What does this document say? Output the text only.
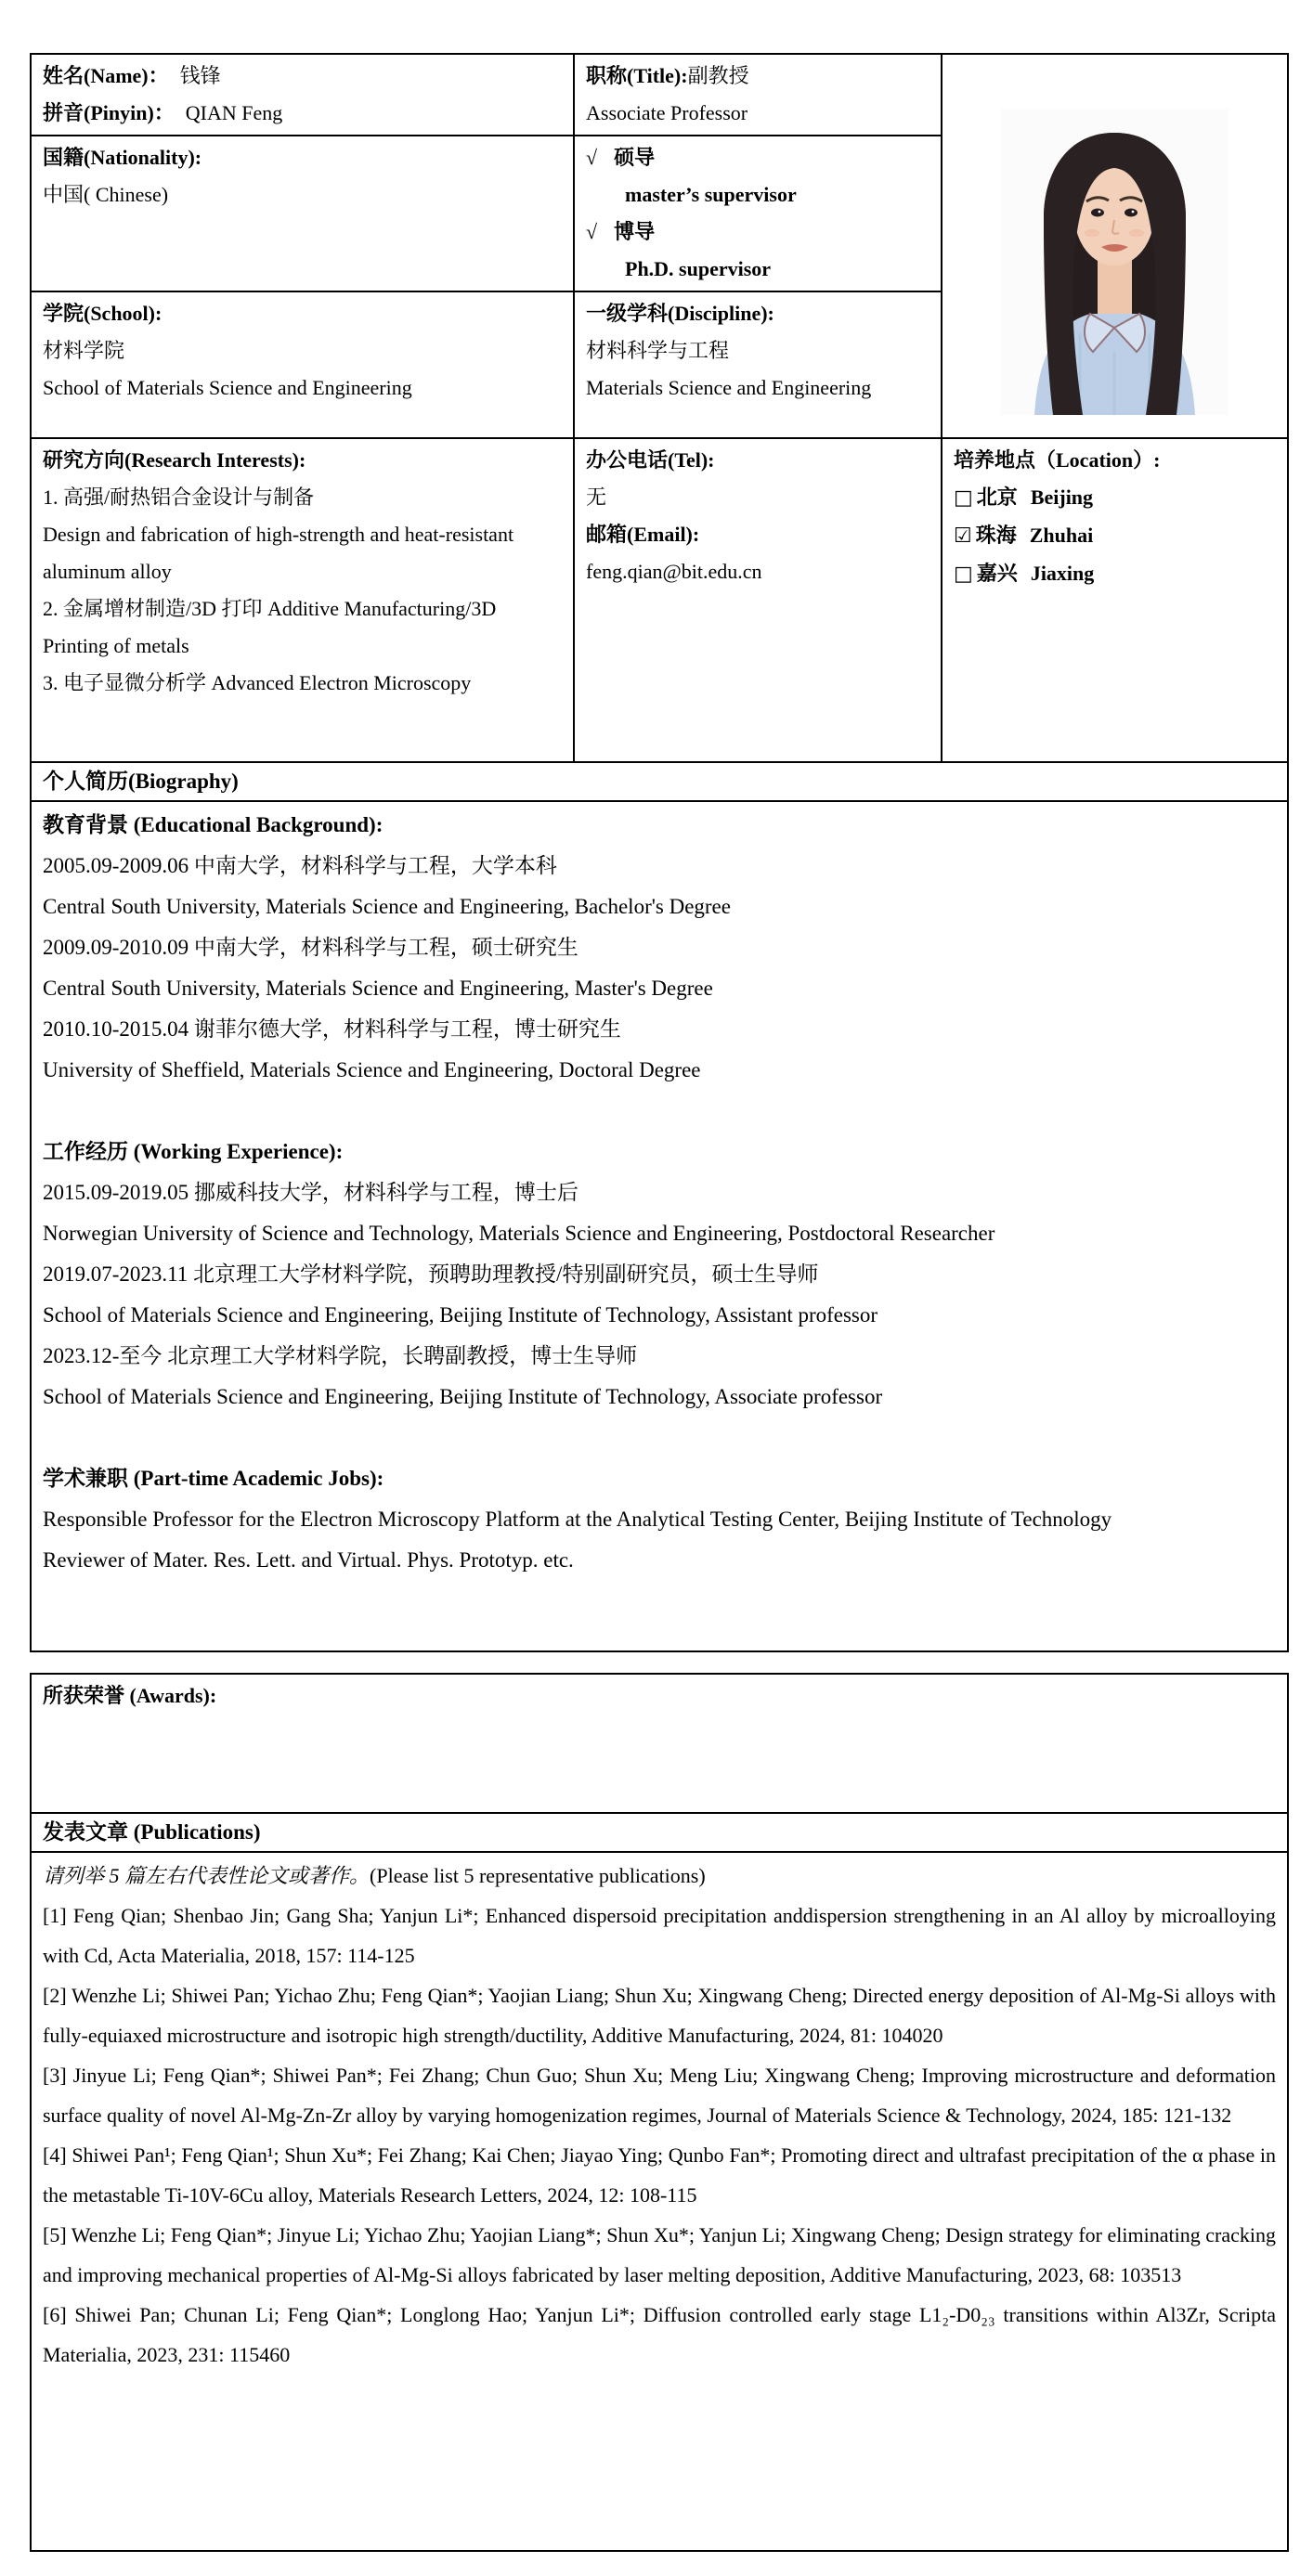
姓名(Name)： 钱锋
拼音(Pinyin)： QIAN Feng

职称(Title):副教授
Associate Professor

国籍(Nationality):
中国( Chinese)

√ 硕导
master’s supervisor
√ 博导
Ph.D. supervisor

学院(School):
材料学院
School of Materials Science and Engineering

一级学科(Discipline):
材料科学与工程
Materials Science and Engineering

研究方向(Research Interests):
1. 高强/耐热铝合金设计与制备
Design and fabrication of high-strength and heat-resistant aluminum alloy
2. 金属增材制造/3D 打印 Additive Manufacturing/3D Printing of metals
3. 电子显微分析学 Advanced Electron Microscopy

办公电话(Tel):
无
邮箱(Email):
feng.qian@bit.edu.cn

培养地点（Location）:
□ 北京 Beijing
☑ 珠海 Zhuhai
□ 嘉兴 Jiaxing

个人简历(Biography)		

教育背景 (Educational Background):
2005.09-2009.06 中南大学，材料科学与工程，大学本科
Central South University, Materials Science and Engineering, Bachelor's Degree
2009.09-2010.09 中南大学，材料科学与工程，硕士研究生
Central South University, Materials Science and Engineering, Master's Degree
2010.10-2015.04 谢菲尔德大学，材料科学与工程，博士研究生
University of Sheffield, Materials Science and Engineering, Doctoral Degree
工作经历 (Working Experience):
2015.09-2019.05 挪威科技大学，材料科学与工程，博士后
Norwegian University of Science and Technology, Materials Science and Engineering, Postdoctoral Researcher
2019.07-2023.11 北京理工大学材料学院，预聘助理教授/特别副研究员，硕士生导师
School of Materials Science and Engineering, Beijing Institute of Technology, Assistant professor
2023.12-至今 北京理工大学材料学院，长聘副教授，博士生导师
School of Materials Science and Engineering, Beijing Institute of Technology, Associate professor
学术兼职 (Part-time Academic Jobs):
Responsible Professor for the Electron Microscopy Platform at the Analytical Testing Center, Beijing Institute of Technology
Reviewer of Mater. Res. Lett. and Virtual. Phys. Prototyp. etc.
所获荣誉 (Awards):
发表文章 (Publications)

请列举 5 篇左右代表性论文或著作。(Please list 5 representative publications)

[1] Feng Qian; Shenbao Jin; Gang Sha; Yanjun Li*; Enhanced dispersoid precipitation anddispersion strengthening in an Al alloy by microalloying with Cd, Acta Materialia, 2018, 157: 114-125

[2] Wenzhe Li; Shiwei Pan; Yichao Zhu; Feng Qian*; Yaojian Liang; Shun Xu; Xingwang Cheng; Directed energy deposition of Al-Mg-Si alloys with fully-equiaxed microstructure and isotropic high strength/ductility, Additive Manufacturing, 2024, 81: 104020

[3] Jinyue Li; Feng Qian*; Shiwei Pan*; Fei Zhang; Chun Guo; Shun Xu; Meng Liu; Xingwang Cheng; Improving microstructure and deformation surface quality of novel Al-Mg-Zn-Zr alloy by varying homogenization regimes, Journal of Materials Science & Technology, 2024, 185: 121-132

[4] Shiwei Pan¹; Feng Qian¹; Shun Xu*; Fei Zhang; Kai Chen; Jiayao Ying; Qunbo Fan*; Promoting direct and ultrafast precipitation of the α phase in the metastable Ti-10V-6Cu alloy, Materials Research Letters, 2024, 12: 108-115

[5] Wenzhe Li; Feng Qian*; Jinyue Li; Yichao Zhu; Yaojian Liang*; Shun Xu*; Yanjun Li; Xingwang Cheng; Design strategy for eliminating cracking and improving mechanical properties of Al-Mg-Si alloys fabricated by laser melting deposition, Additive Manufacturing, 2023, 68: 103513

[6] Shiwei Pan; Chunan Li; Feng Qian*; Longlong Hao; Yanjun Li*; Diffusion controlled early stage L1₂-D0₂₃ transitions within Al3Zr, Scripta Materialia, 2023, 231: 115460
